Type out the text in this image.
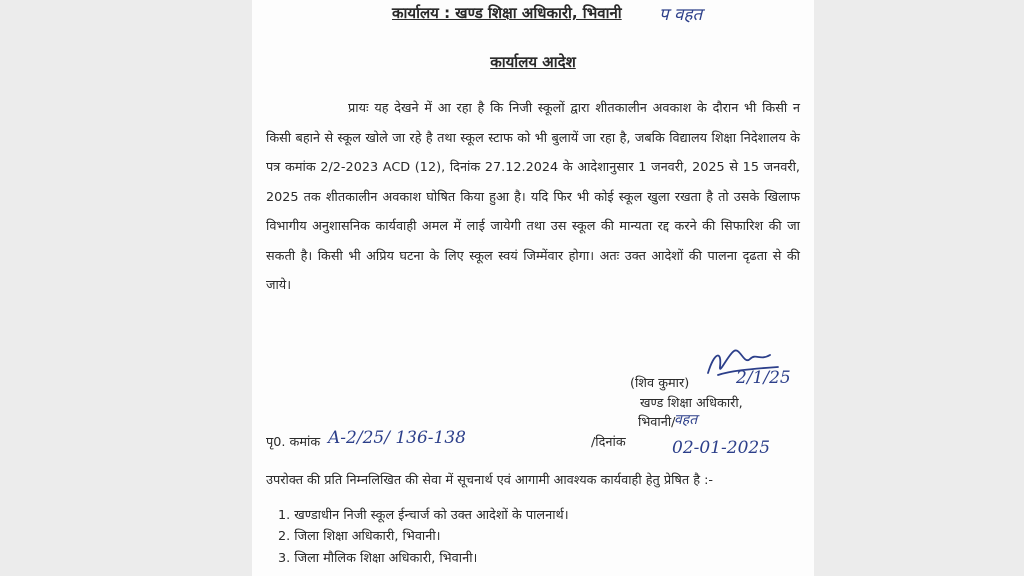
कार्यालय : खण्ड शिक्षा अधिकारी, भिवानी प वहत
कार्यालय आदेश

प्रायः यह देखने में आ रहा है कि निजी स्कूलों द्वारा शीतकालीन अवकाश के दौरान भी किसी न किसी बहाने से स्कूल खोले जा रहे है तथा स्कूल स्टाफ को भी बुलायें जा रहा है, जबकि विद्यालय शिक्षा निदेशालय के पत्र कमांक 2/2-2023 ACD (12), दिनांक 27.12.2024 के आदेशानुसार 1 जनवरी, 2025 से 15 जनवरी, 2025 तक शीतकालीन अवकाश घोषित किया हुआ है। यदि फिर भी कोई स्कूल खुला रखता है तो उसके खिलाफ विभागीय अनुशासनिक कार्यवाही अमल में लाई जायेगी तथा उस स्कूल की मान्यता रद्द करने की सिफारिश की जा सकती है। किसी भी अप्रिय घटना के लिए स्कूल स्वयं जिम्मेंवार होगा। अतः उक्त आदेशों की पालना दृढता से की जाये।

2/1/25
(शिव कुमार)
खण्ड शिक्षा अधिकारी,
भिवानी/
वहत
पृ0. कमांक A-2/25/ 136-138	/दिनांक	02-01-2025
उपरोक्त की प्रति निम्नलिखित की सेवा में सूचनार्थ एवं आगामी आवश्यक कार्यवाही हेतु प्रेषित है :-
1. खण्डाधीन निजी स्कूल ईन्चार्ज को उक्त आदेशों के पालनार्थ।
2. जिला शिक्षा अधिकारी, भिवानी।
3. जिला मौलिक शिक्षा अधिकारी, भिवानी।
